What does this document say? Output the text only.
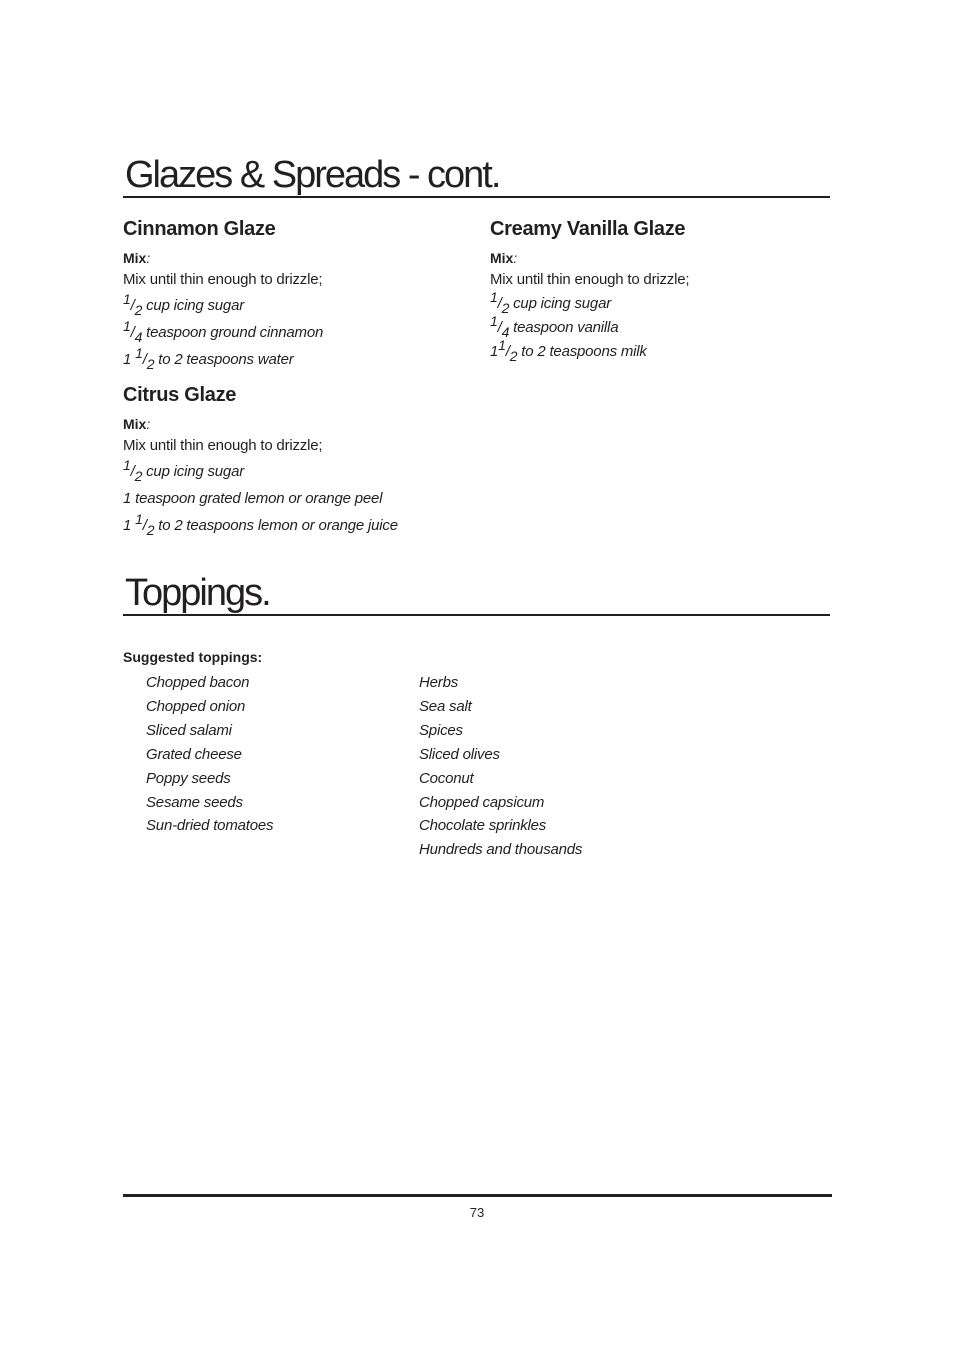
Glazes & Spreads - cont.
Cinnamon Glaze
Mix:
Mix until thin enough to drizzle;
$^1/_2$ cup icing sugar
$^1/_4$ teaspoon ground cinnamon
1 $^1/_2$ to 2 teaspoons water
Citrus Glaze
Mix:
Mix until thin enough to drizzle;
$^1/_2$ cup icing sugar
1 teaspoon grated lemon or orange peel
1 $^1/_2$ to 2 teaspoons lemon or orange juice
Creamy Vanilla Glaze
Mix:
Mix until thin enough to drizzle;
$^1/_2$ cup icing sugar
$^1/_4$ teaspoon vanilla
$1^1/_2$ to 2 teaspoons milk
Toppings.
Suggested toppings:
Chopped bacon
Chopped onion
Sliced salami
Grated cheese
Poppy seeds
Sesame seeds
Sun-dried tomatoes
Herbs
Sea salt
Spices
Sliced olives
Coconut
Chopped capsicum
Chocolate sprinkles
Hundreds and thousands
73
